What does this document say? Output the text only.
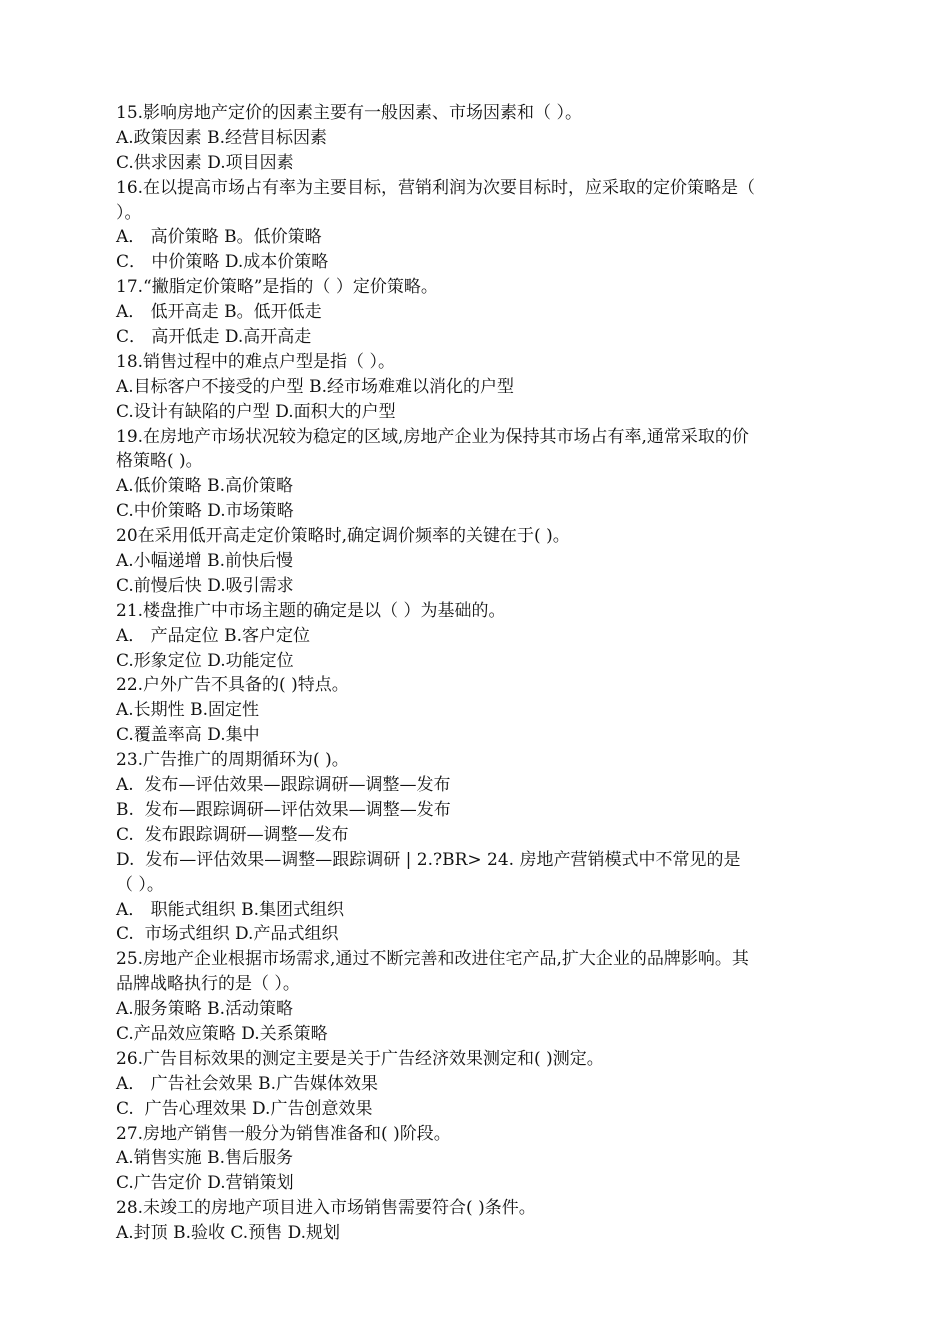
15.影响房地产定价的因素主要有一般因素、市场因素和（ ）。
A.政策因素 B.经营目标因素
C.供求因素 D.项目因素
16.在以提高市场占有率为主要目标，营销利润为次要目标时，应采取的定价策略是（
）。
A． 高价策略 B。低价策略
C． 中价策略 D.成本价策略
17.“撇脂定价策略”是指的（ ）定价策略。
A． 低开高走 B。低开低走
C． 高开低走 D.高开高走
18.销售过程中的难点户型是指（ ）。
A.目标客户不接受的户型 B.经市场难难以消化的户型
C.设计有缺陷的户型 D.面积大的户型
19.在房地产市场状况较为稳定的区域,房地产企业为保持其市场占有率,通常采取的价
格策略( )。
A.低价策略 B.高价策略
C.中价策略 D.市场策略
20在采用低开高走定价策略时,确定调价频率的关键在于( )。
A.小幅递增 B.前快后慢
C.前慢后快 D.吸引需求
21.楼盘推广中市场主题的确定是以（ ）为基础的。
A． 产品定位 B.客户定位
C.形象定位 D.功能定位
22.户外广告不具备的( )特点。
A.长期性 B.固定性
C.覆盖率高 D.集中
23.广告推广的周期循环为( )。
A.  发布—评估效果—跟踪调研—调整—发布
B.  发布—跟踪调研—评估效果—调整—发布
C.  发布跟踪调研—调整—发布
D.  发布—评估效果—调整—跟踪调研 | 2.?BR> 24. 房地产营销模式中不常见的是
（ ）。
A． 职能式组织 B.集团式组织
C.  市场式组织 D.产品式组织
25.房地产企业根据市场需求,通过不断完善和改进住宅产品,扩大企业的品牌影响。其
品牌战略执行的是（ ）。
A.服务策略 B.活动策略
C.产品效应策略 D.关系策略
26.广告目标效果的测定主要是关于广告经济效果测定和( )测定。
A． 广告社会效果 B.广告媒体效果
C.  广告心理效果 D.广告创意效果
27.房地产销售一般分为销售准备和( )阶段。
A.销售实施 B.售后服务
C.广告定价 D.营销策划
28.未竣工的房地产项目进入市场销售需要符合( )条件。
A.封顶 B.验收 C.预售 D.规划
